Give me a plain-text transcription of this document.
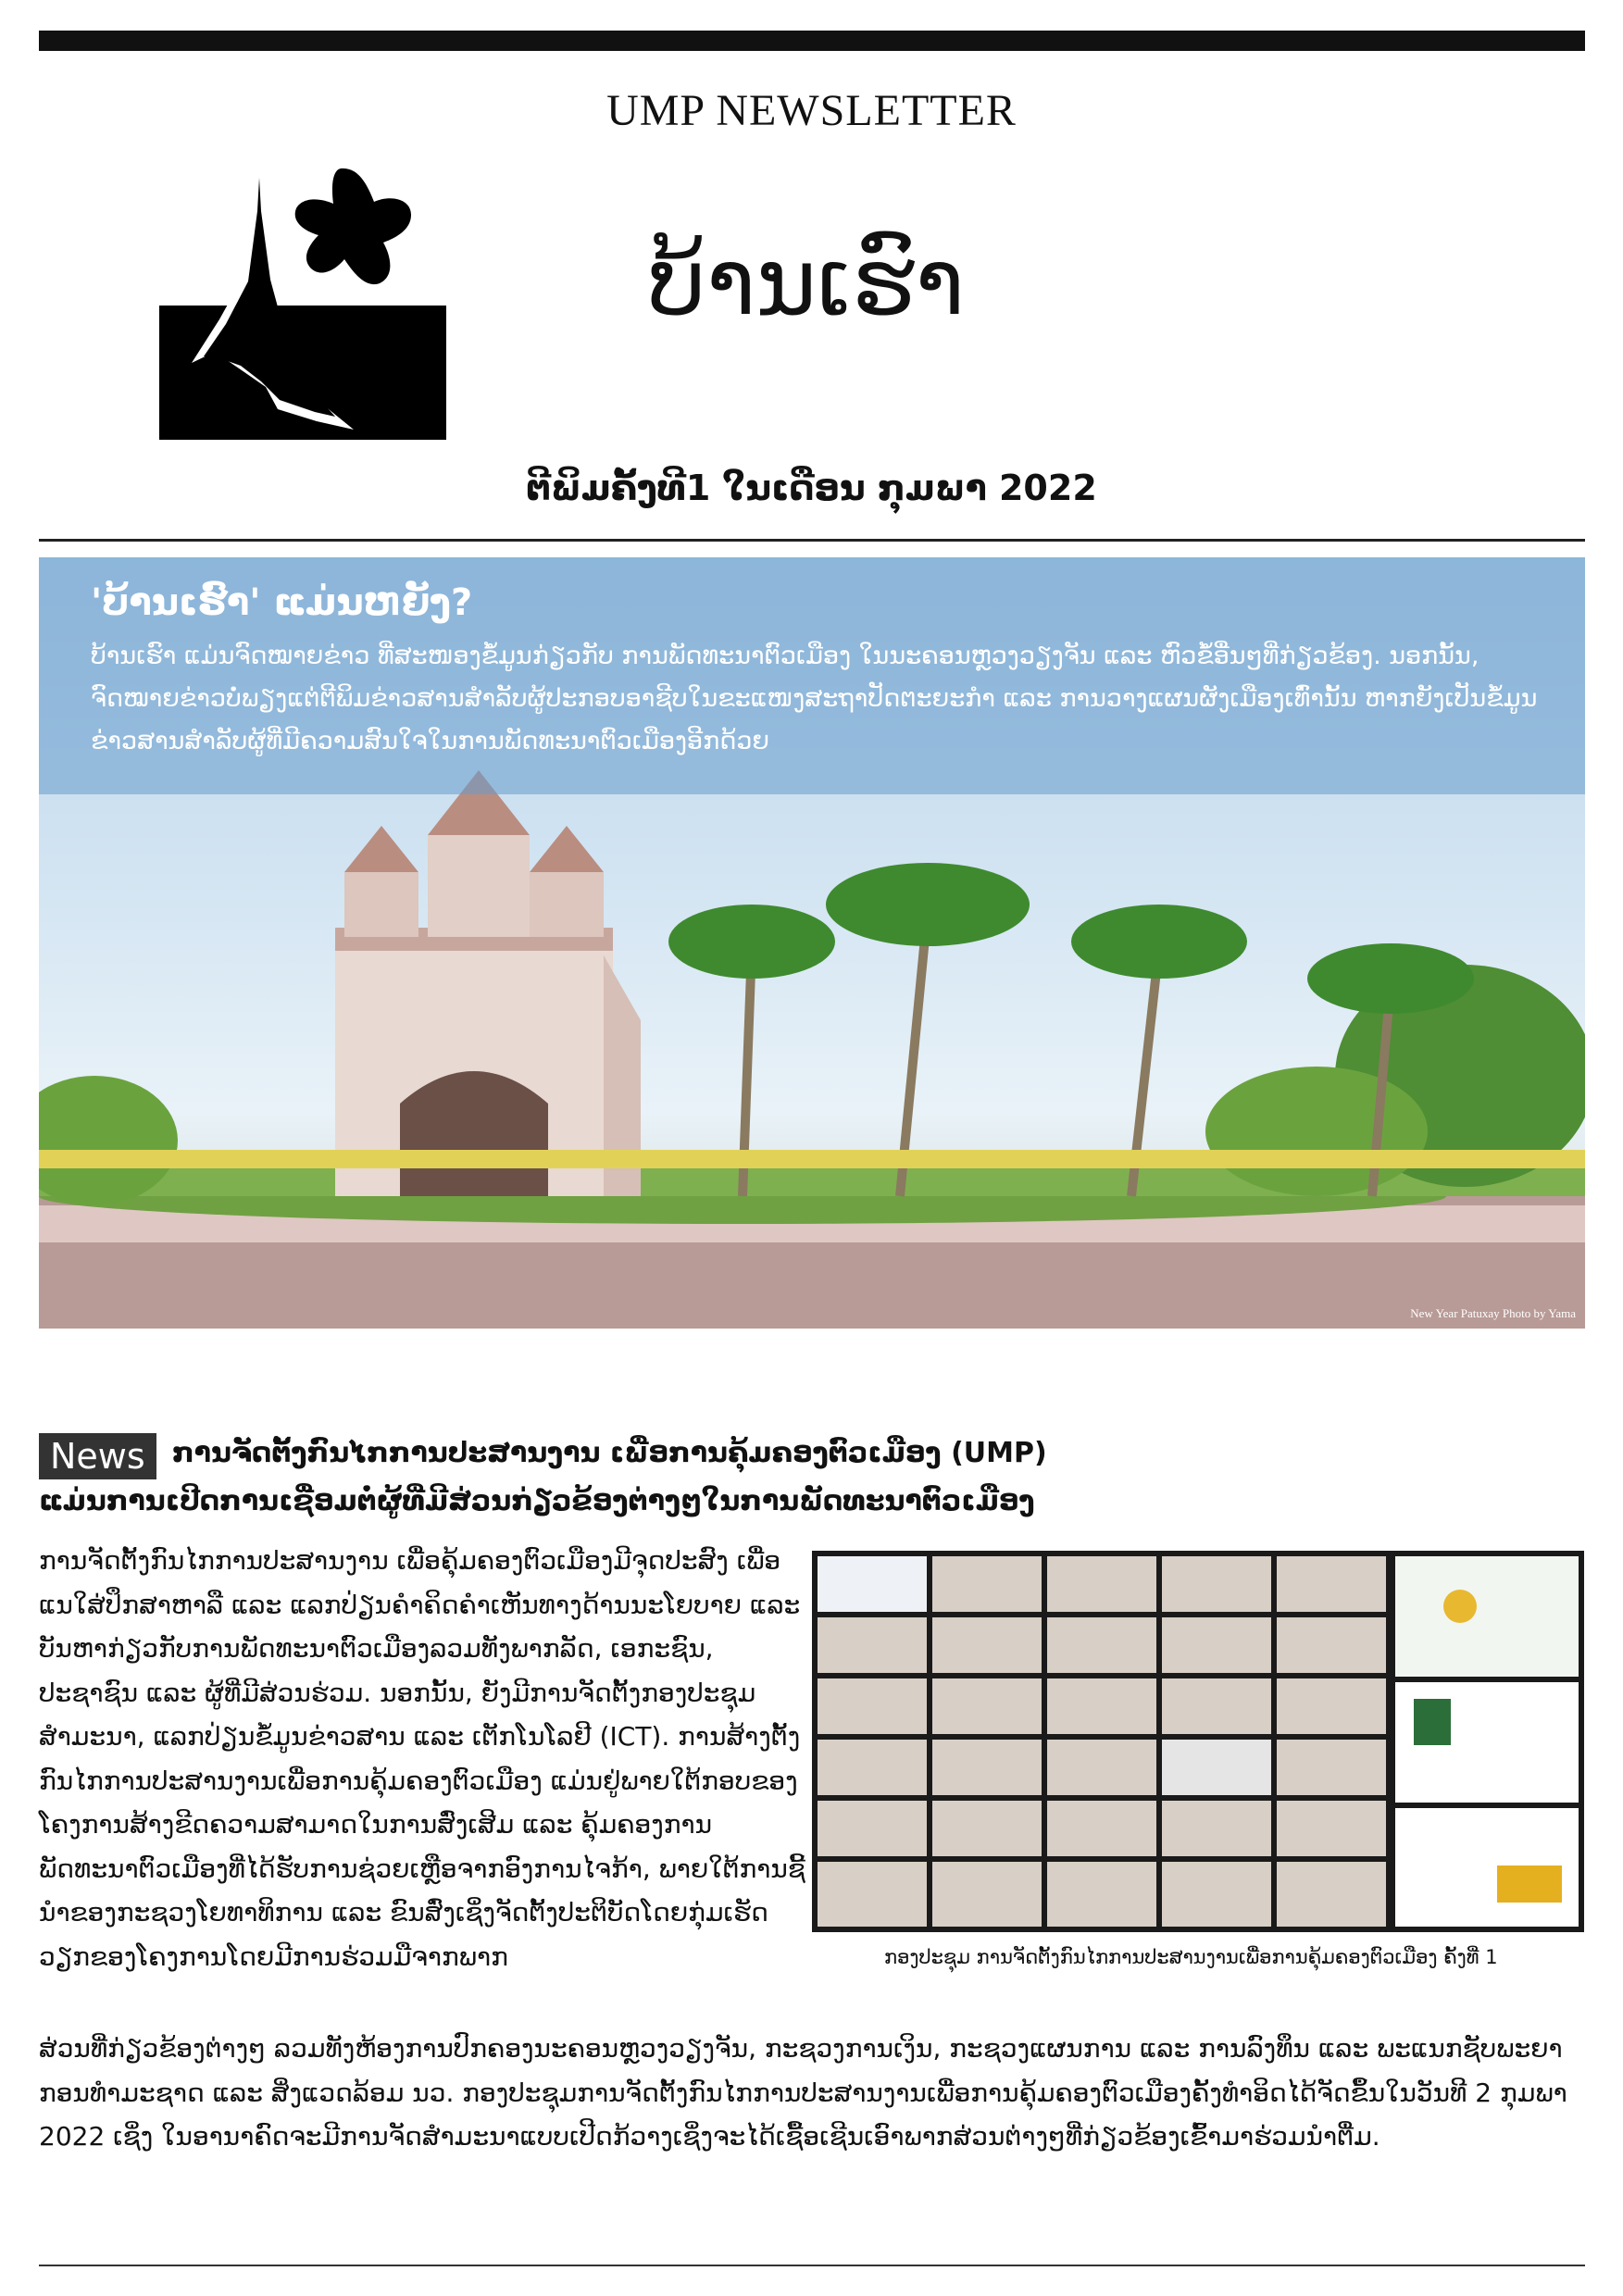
UMP NEWSLETTER
ບ້ານເຮົາ
ຕີພິມຄັ້ງທີ1 ໃນເດືອນ ກຸມພາ 2022
'ບ້ານເຮົາ' ແມ່ນຫຍັງ?
ບ້ານເຮົາ ແມ່ນຈົດໝາຍຂ່າວ ທີ່ສະໜອງຂໍ້ມູນກ່ຽວກັບ ການພັດທະນາຕົວເມືອງ ໃນນະຄອນຫຼວງວຽງຈັນ ແລະ ຫົວຂໍ້ອື່ນໆທີ່ກ່ຽວຂ້ອງ. ນອກນັ້ນ, ຈົດໝາຍຂ່າວບໍ່ພຽງແຕ່ຕີພິມຂ່າວສານສໍາລັບຜູ້ປະກອບອາຊີບໃນຂະແໜງສະຖາປັດຕະຍະກໍາ ແລະ ການວາງແຜນຜັງເມືອງເທົ່ານັ້ນ ຫາກຍັງເປັນຂໍ້ມູນຂ່າວສານສໍາລັບຜູ້ທີ່ມີຄວາມສົນໃຈໃນການພັດທະນາຕົວເມືອງອີກດ້ວຍ
New Year Patuxay Photo by Yama
News ການຈັດຕັ້ງກົນໄກການປະສານງານ ເພື່ອການຄຸ້ມຄອງຕົວເມືອງ (UMP)
ແມ່ນການເປີດການເຊື່ອມຕໍ່ຜູ້ທີ່ມີສ່ວນກ່ຽວຂ້ອງຕ່າງໆໃນການພັດທະນາຕົວເມືອງ
ການຈັດຕັ້ງກົນໄກການປະສານງານ ເພື່ອຄຸ້ມຄອງຕົວເມືອງມີຈຸດປະສົງ ເພື່ອແນໃສ່ປຶກສາຫາລື ແລະ ແລກປ່ຽນຄໍາຄິດຄໍາເຫັນທາງດ້ານນະໂຍບາຍ ແລະ ບັນຫາກ່ຽວກັບການພັດທະນາຕົວເມືອງລວມທັງພາກລັດ, ເອກະຊົນ, ປະຊາຊົນ ແລະ ຜູ້ທີ່ມີສ່ວນຮ່ວມ. ນອກນັ້ນ, ຍັງມີການຈັດຕັ້ງກອງປະຊຸມສໍາມະນາ, ແລກປ່ຽນຂໍ້ມູນຂ່າວສານ ແລະ ເຕັກໂນໂລຢີ (ICT). ການສ້າງຕັ້ງກົນໄກການປະສານງານເພື່ອການຄຸ້ມຄອງຕົວເມືອງ ແມ່ນຢູ່ພາຍໃຕ້ກອບຂອງໂຄງການສ້າງຂີດຄວາມສາມາດໃນການສົ່ງເສີມ ແລະ ຄຸ້ມຄອງການພັດທະນາຕົວເມືອງທີ່ໄດ້ຮັບການຊ່ວຍເຫຼືອຈາກອົງການໄຈກ້າ, ພາຍໃຕ້ການຊີ້ນໍາຂອງກະຊວງໂຍທາທິການ ແລະ ຂົນສົ່ງເຊິ່ງຈັດຕັ້ງປະຕິບັດໂດຍກຸ່ມເຮັດວຽກຂອງໂຄງການໂດຍມີການຮ່ວມມືຈາກພາກ	ກອງປະຊຸມ ການຈັດຕັ້ງກົນໄກການປະສານງານເພື່ອການຄຸ້ມຄອງຕົວເມືອງ ຄັ້ງທີ່ 1
ສ່ວນທີ່ກ່ຽວຂ້ອງຕ່າງໆ ລວມທັງຫ້ອງການປົກຄອງນະຄອນຫຼວງວຽງຈັນ, ກະຊວງການເງິນ, ກະຊວງແຜນການ ແລະ ການລົງທຶນ ແລະ ພະແນກຊັບພະຍາກອນທໍາມະຊາດ ແລະ ສິ່ງແວດລ້ອມ ນວ. ກອງປະຊຸມການຈັດຕັ້ງກົນໄກການປະສານງານເພື່ອການຄຸ້ມຄອງຕົວເມືອງຄັ້ງທໍາອິດໄດ້ຈັດຂຶ້ນໃນວັນທີ 2 ກຸມພາ 2022 ເຊິ່ງ ໃນອານາຄົດຈະມີການຈັດສໍາມະນາແບບເປີດກ້ວາງເຊິ່ງຈະໄດ້ເຊື້ອເຊີນເອົາພາກສ່ວນຕ່າງໆທີ່ກ່ຽວຂ້ອງເຂົ້າມາຮ່ວມນໍາຕື່ມ.
